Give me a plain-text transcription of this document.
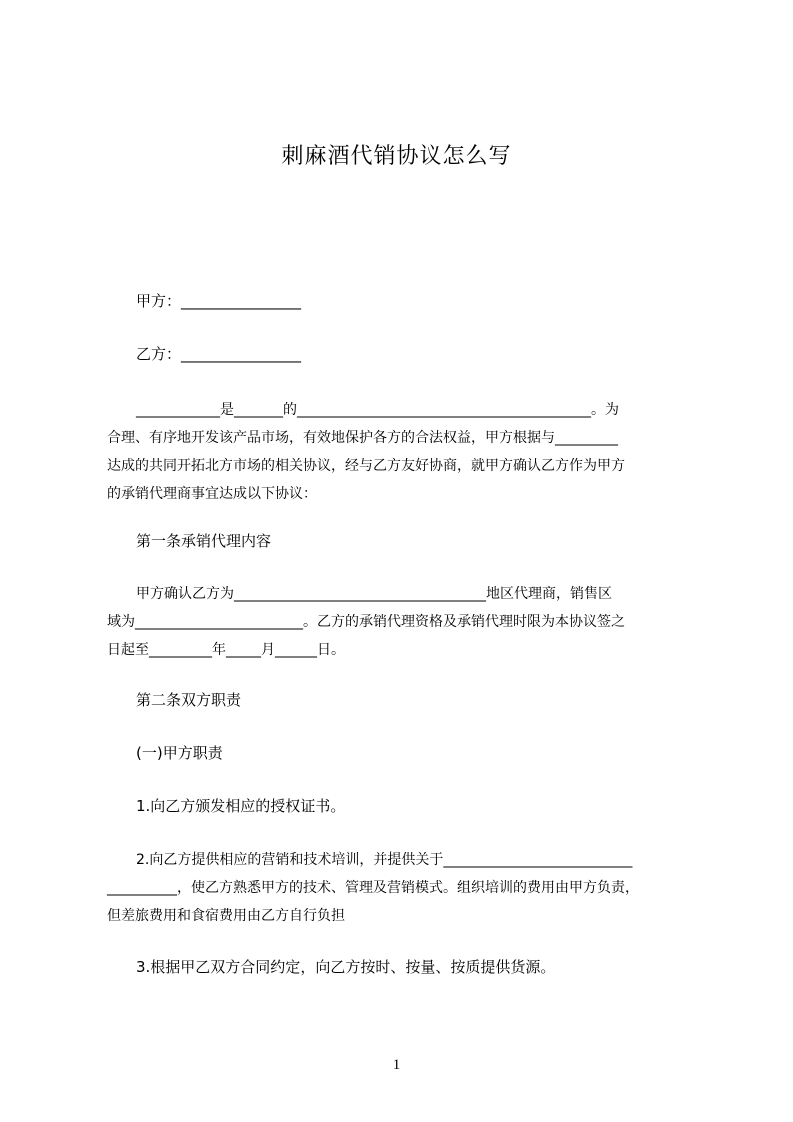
刺麻酒代销协议怎么写
甲方：________________
乙方：________________
____________是_______的__________________________________________。为
合理、有序地开发该产品市场，有效地保护各方的合法权益，甲方根据与_________
达成的共同开拓北方市场的相关协议，经与乙方友好协商，就甲方确认乙方作为甲方
的承销代理商事宜达成以下协议：
第一条承销代理内容
甲方确认乙方为____________________________________地区代理商，销售区
域为________________________。乙方的承销代理资格及承销代理时限为本协议签之
日起至_________年_____月______日。
第二条双方职责
(一)甲方职责
1.向乙方颁发相应的授权证书。
2.向乙方提供相应的营销和技术培训，并提供关于___________________________
__________，使乙方熟悉甲方的技术、管理及营销模式。组织培训的费用由甲方负责，
但差旅费用和食宿费用由乙方自行负担
3.根据甲乙双方合同约定，向乙方按时、按量、按质提供货源。
1
